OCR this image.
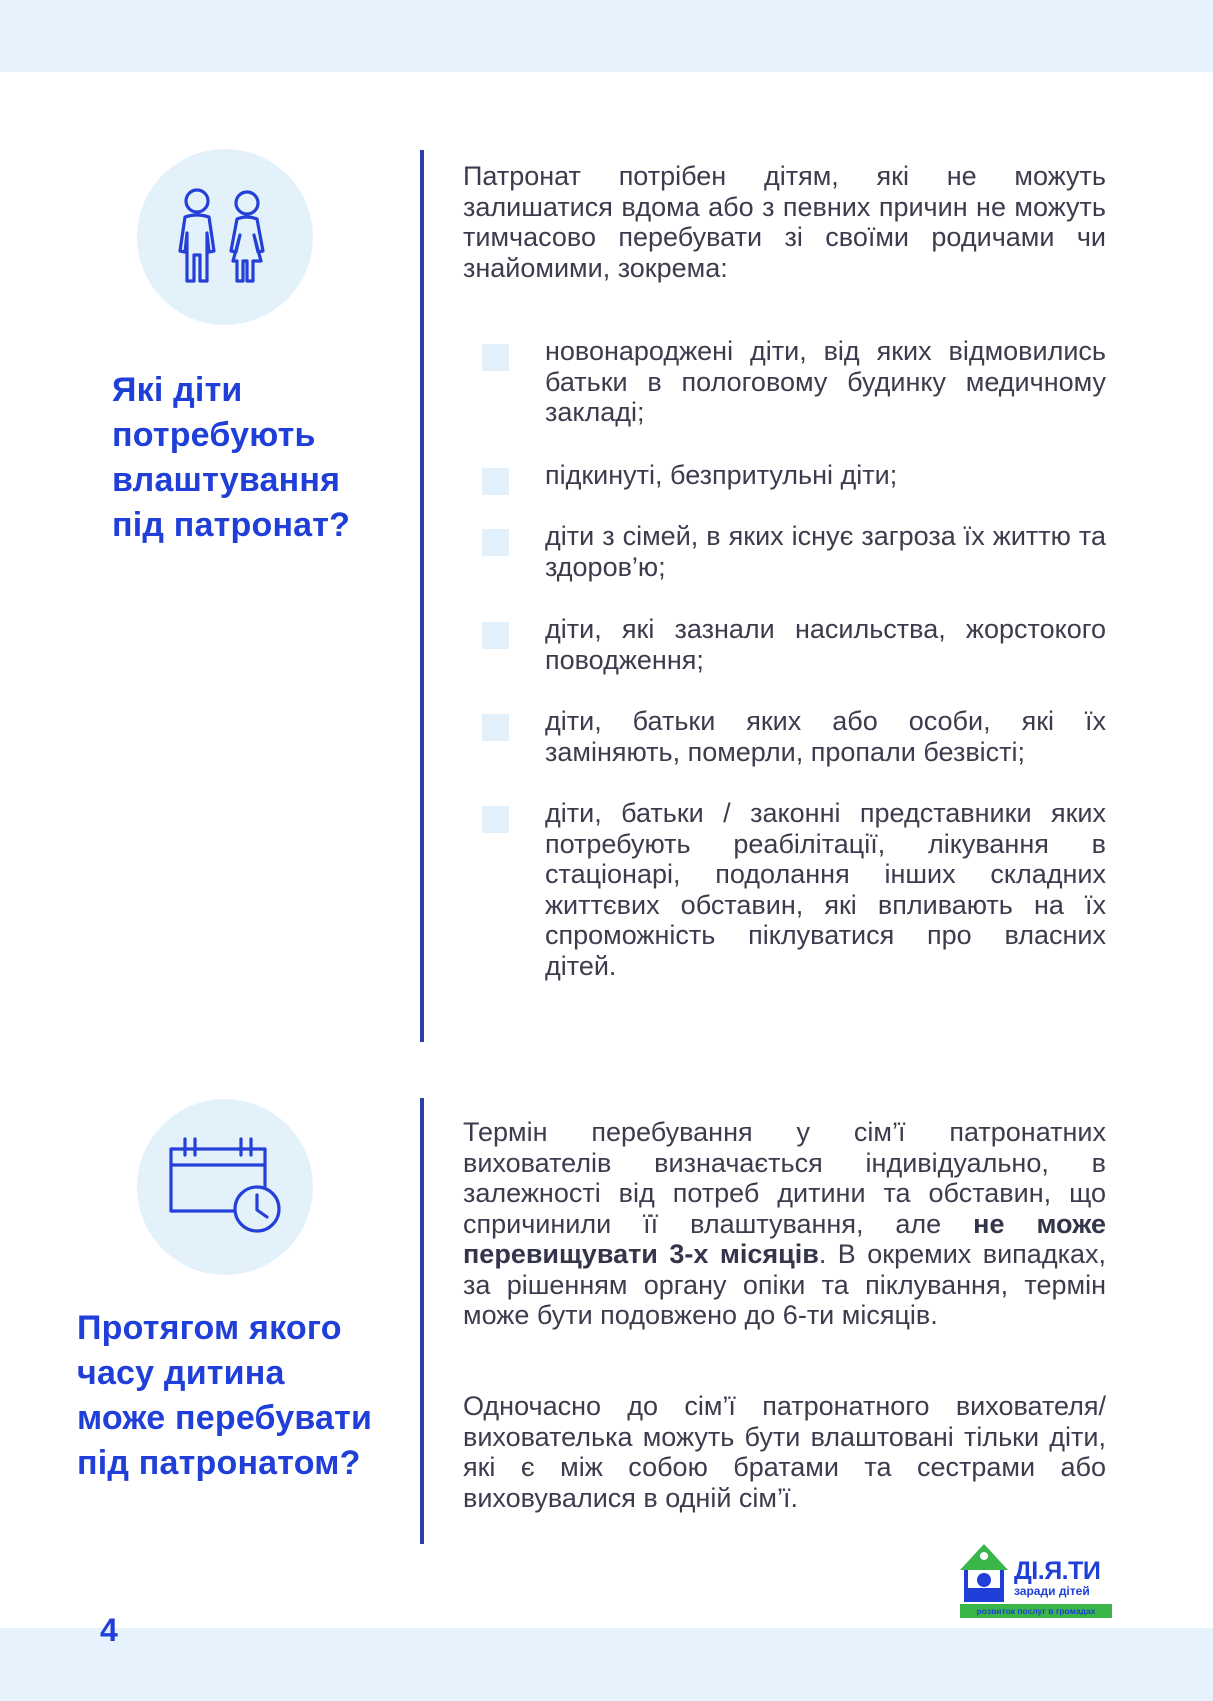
Які діти
потребують
влаштування
під патронат?

Патронат потрібен дітям, які не можуть залишатися вдома або з певних причин не можуть тимчасово перебувати зі своїми родичами чи знайомими, зокрема:

новонароджені діти, від яких відмовились батьки в пологовому будинку медичному закладі;
підкинуті, безпритульні діти;
діти з сімей, в яких існує загроза їх життю та здоров’ю;
діти, які зазнали насильства, жорстокого поводження;
діти, батьки яких або особи, які їх заміняють, померли, пропали безвісті;
діти, батьки / законні представники яких потребують реабілітації, лікування в стаціонарі, подолання інших складних життєвих обставин, які впливають на їх спроможність піклуватися про власних дітей.
Протягом якого
часу дитина
може перебувати
під патронатом?

Термін перебування у сім’ї патронатних вихователів визначається індивідуально, в залежності від потреб дитини та обставин, що спричинили її влаштування, але не може перевищувати 3-х місяців. В окремих випадках, за рішенням органу опіки та піклування, термін може бути подовжено до 6-ти місяців.

Одночасно до сім’ї патронатного вихователя/вихователька можуть бути влаштовані тільки діти, які є між собою братами та сестрами або виховувалися в одній сім’ї.

4
ДІ.Я.ТИ
заради дітей
розвиток послуг в громадах
